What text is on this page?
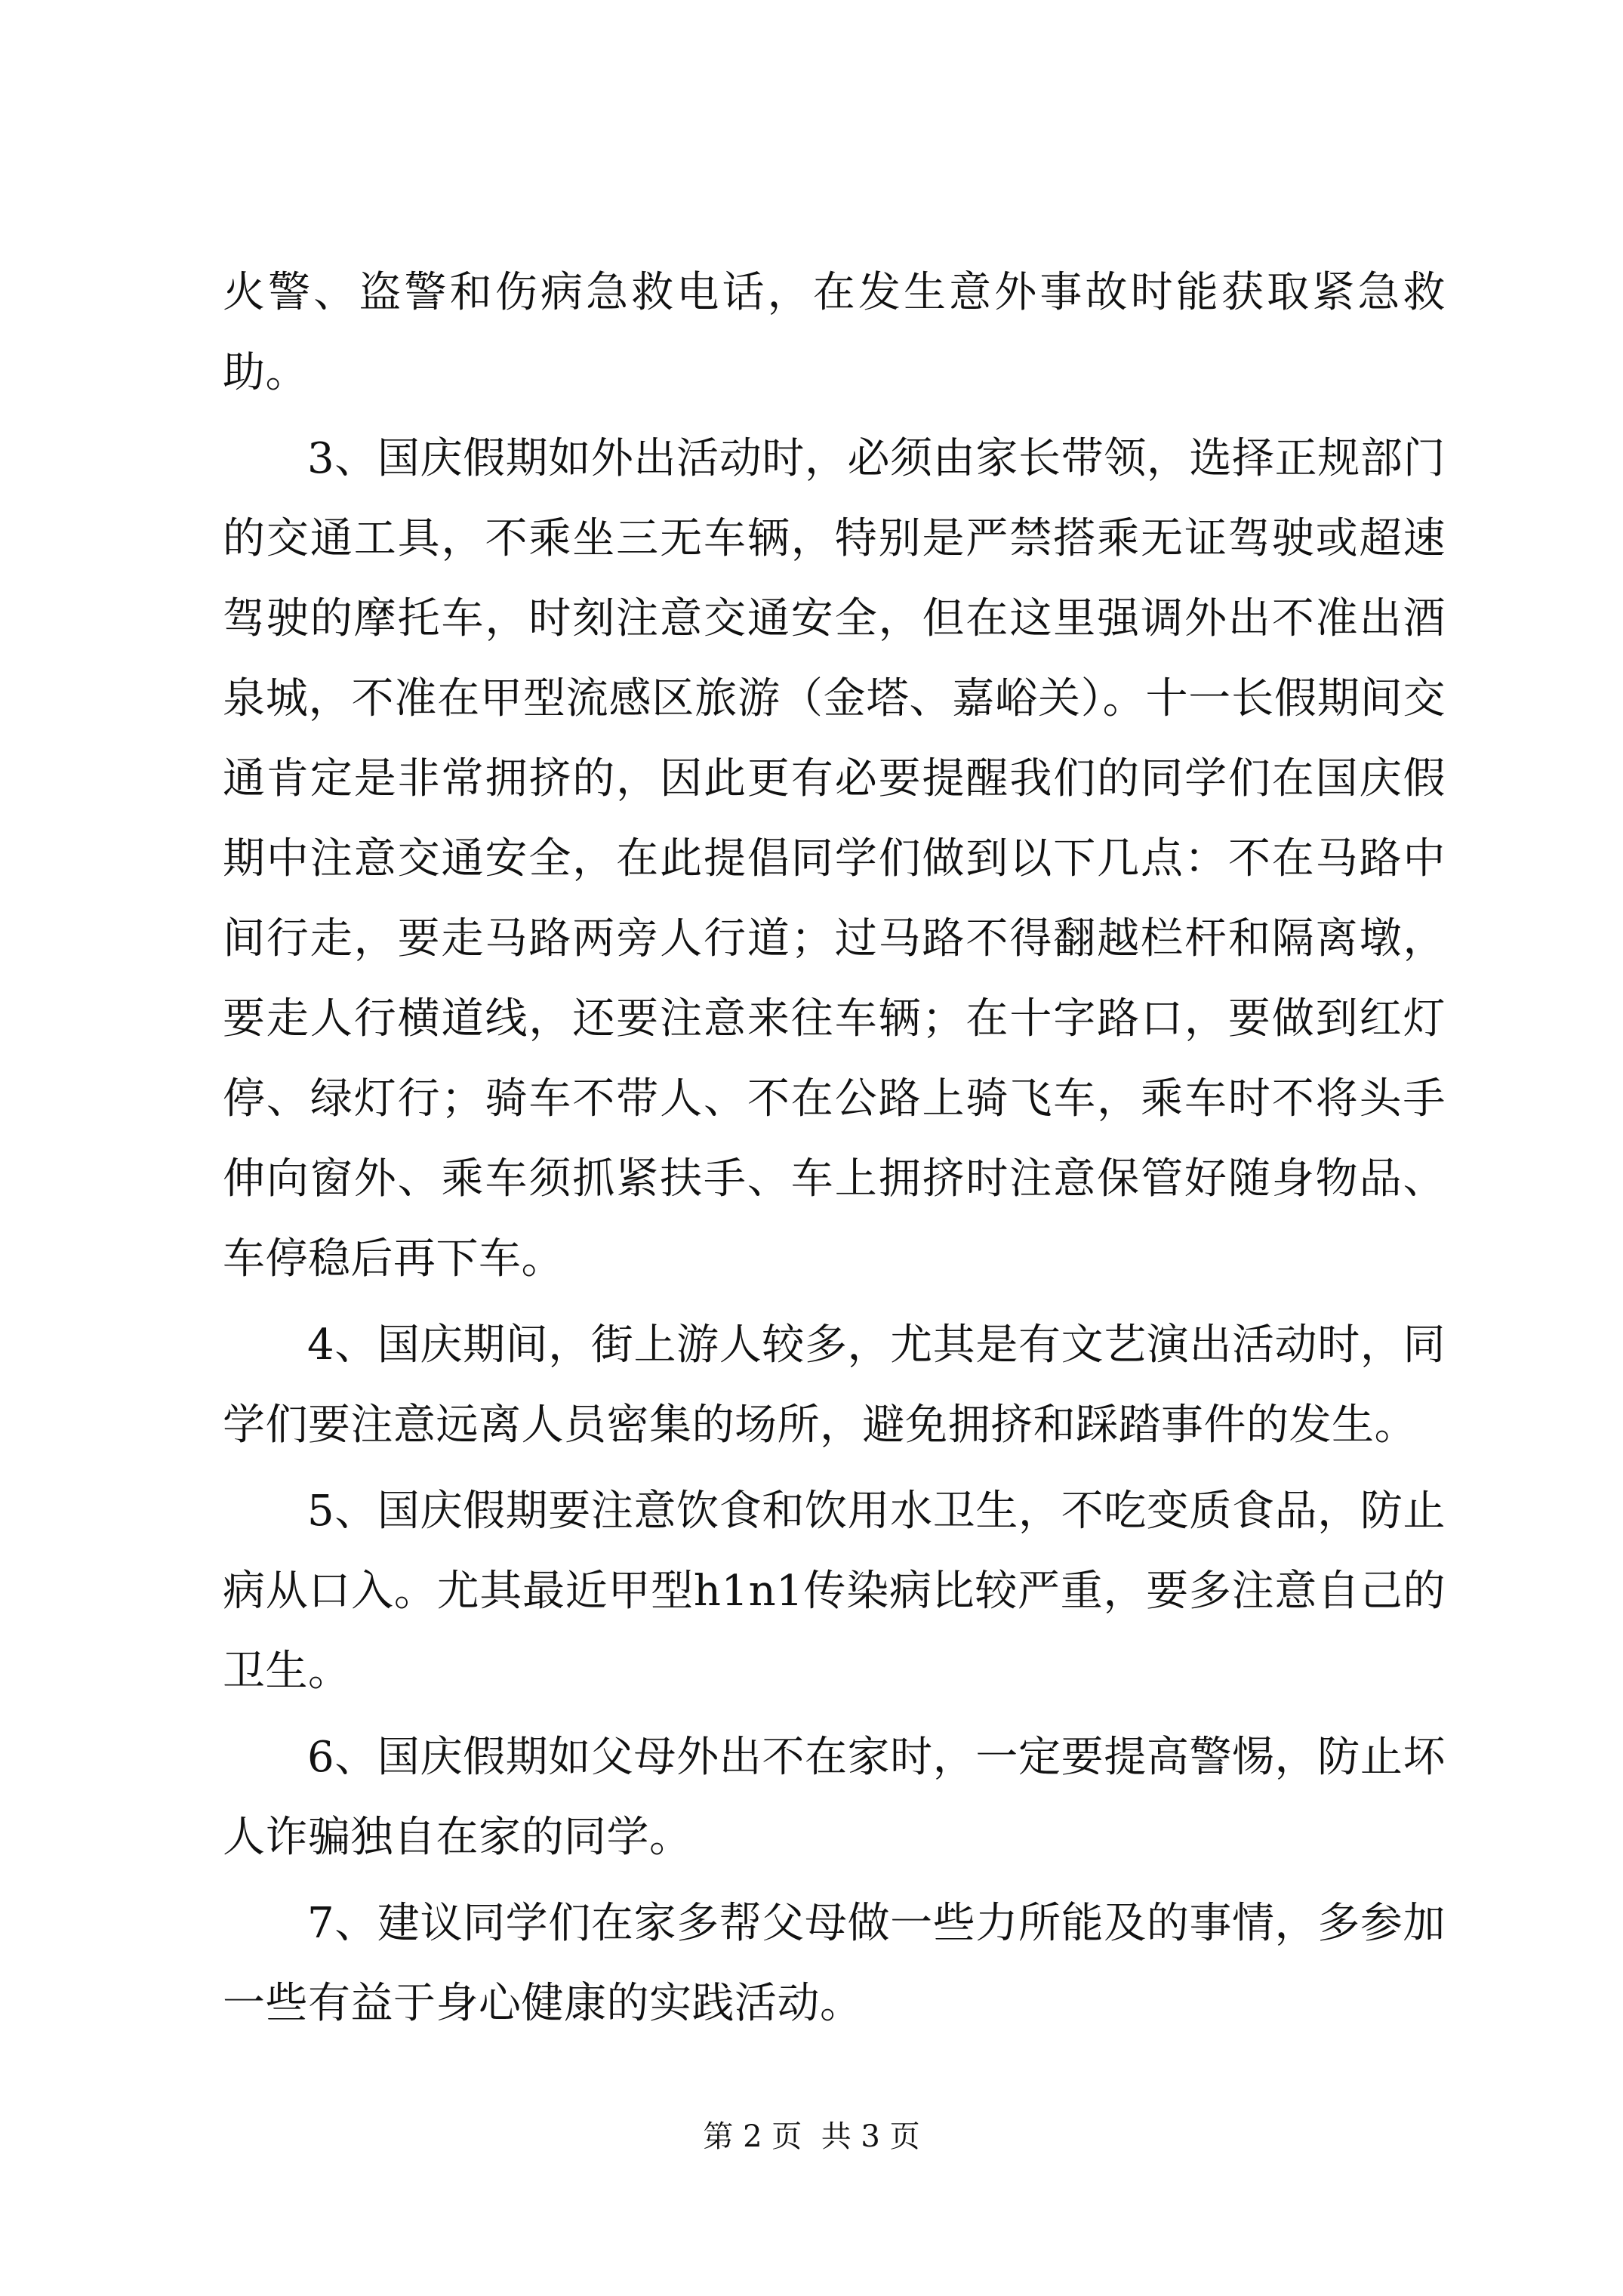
火警、盗警和伤病急救电话，在发生意外事故时能获取紧急救助。

3、国庆假期如外出活动时，必须由家长带领，选择正规部门的交通工具，不乘坐三无车辆，特别是严禁搭乘无证驾驶或超速驾驶的摩托车，时刻注意交通安全，但在这里强调外出不准出酒泉城，不准在甲型流感区旅游（金塔、嘉峪关）。十一长假期间交通肯定是非常拥挤的，因此更有必要提醒我们的同学们在国庆假期中注意交通安全，在此提倡同学们做到以下几点：不在马路中间行走，要走马路两旁人行道；过马路不得翻越栏杆和隔离墩，要走人行横道线，还要注意来往车辆；在十字路口，要做到红灯停、绿灯行；骑车不带人、不在公路上骑飞车，乘车时不将头手伸向窗外、乘车须抓紧扶手、车上拥挤时注意保管好随身物品、车停稳后再下车。

4、国庆期间，街上游人较多，尤其是有文艺演出活动时，同学们要注意远离人员密集的场所，避免拥挤和踩踏事件的发生。

5、国庆假期要注意饮食和饮用水卫生，不吃变质食品，防止病从口入。尤其最近甲型h1n1传染病比较严重，要多注意自己的卫生。

6、国庆假期如父母外出不在家时，一定要提高警惕，防止坏人诈骗独自在家的同学。

7、建议同学们在家多帮父母做一些力所能及的事情，多参加一些有益于身心健康的实践活动。

第 2 页  共 3 页
